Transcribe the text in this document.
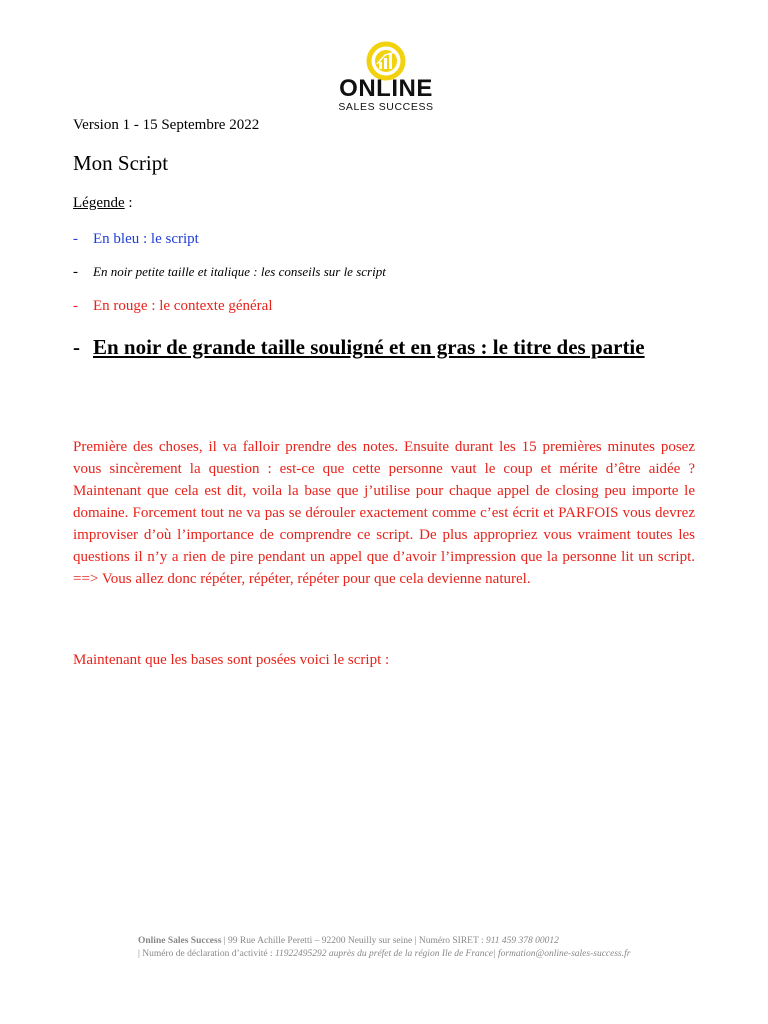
ONLINE
SALES SUCCESS
Version 1 - 15 Septembre 2022
Mon Script
Légende :
- En bleu : le script
- En noir petite taille et italique : les conseils sur le script
- En rouge : le contexte général
- En noir de grande taille souligné et en gras : le titre des partie

Première des choses, il va falloir prendre des notes. Ensuite durant les 15 premières minutes posez vous sincèrement la question : est-ce que cette personne vaut le coup et mérite d’être aidée ? Maintenant que cela est dit, voila la base que j’utilise pour chaque appel de closing peu importe le domaine. Forcement tout ne va pas se dérouler exactement comme c’est écrit et PARFOIS vous devrez improviser d’où l’importance de comprendre ce script. De plus appropriez vous vraiment toutes les questions il n’y a rien de pire pendant un appel que d’avoir l’impression que la personne lit un script. ==> Vous allez donc répéter, répéter, répéter pour que cela devienne naturel.

Maintenant que les bases sont posées voici le script :

Online Sales Success | 99 Rue Achille Peretti – 92200 Neuilly sur seine | Numéro SIRET : 911 459 378 00012
| Numéro de déclaration d’activité : 11922495292 auprès du préfet de la région Ile de France| formation@online-sales-success.fr
